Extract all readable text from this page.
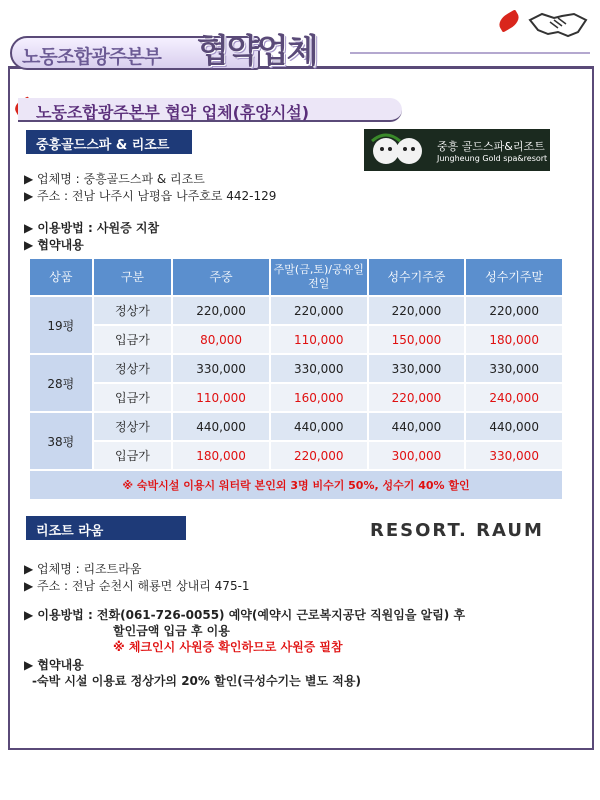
노동조합광주본부 협약업체
노동조합광주본부 협약 업체(휴양시설)
중흥골드스파 & 리조트	중흥 골드스파&리조트
Jungheung Gold spa&resort
▶ 업체명 : 중흥골드스파 & 리조트
▶ 주소 : 전남 나주시 남평읍 나주호로 442-129
▶ 이용방법 : 사원증 지참
▶ 협약내용
상품	구분	주중	주말(금,토)/공유일전일	성수기주중	성수기주말
19평	정상가	220,000	220,000	220,000	220,000
	입금가	80,000	110,000	150,000	180,000
28평	정상가	330,000	330,000	330,000	330,000
	입금가	110,000	160,000	220,000	240,000
38평	정상가	440,000	440,000	440,000	440,000
	입금가	180,000	220,000	300,000	330,000
※ 숙박시설 이용시 워터락 본인외 3명 비수기 50%, 성수기 40% 할인					
리조트 라움	RESORT. RAUM
▶ 업체명 : 리조트라움
▶ 주소 : 전남 순천시 해룡면 상내리 475-1
▶ 이용방법 : 전화(061-726-0055) 예약(예약시 근로복지공단 직원임을 알림) 후
할인금액 입금 후 이용
※ 체크인시 사원증 확인하므로 사원증 필참
▶ 협약내용
-숙박 시설 이용료 정상가의 20% 할인(극성수기는 별도 적용)
